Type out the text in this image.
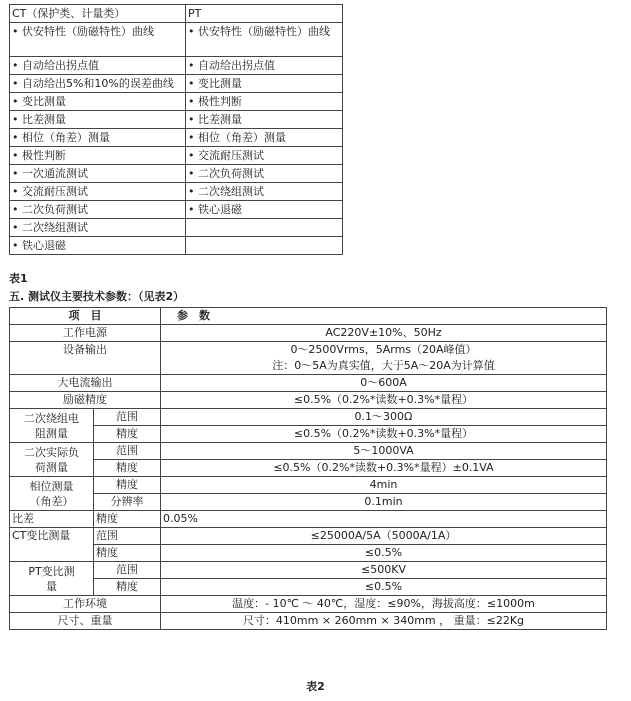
CT（保护类、计量类）	PT
• 伏安特性（励磁特性）曲线	• 伏安特性（励磁特性）曲线
• 自动给出拐点值	• 自动给出拐点值
• 自动给出5%和10%的误差曲线	• 变比测量
• 变比测量	• 极性判断
• 比差测量	• 比差测量
• 相位（角差）测量	• 相位（角差）测量
• 极性判断	• 交流耐压测试
• 一次通流测试	• 二次负荷测试
• 交流耐压测试	• 二次绕组测试
• 二次负荷测试	• 铁心退磁
• 二次绕组测试	
• 铁心退磁	
表1
五. 测试仪主要技术参数：（见表2）
项　目		参　数
工作电源		AC220V±10%、50Hz
设备输出		0～2500Vrms，5Arms（20A峰值）
注：0～5A为真实值，大于5A～20A为计算值

大电流输出		0～600A
励磁精度		≤0.5%（0.2%*读数+0.3%*量程）
二次绕组电阻测量	范围	0.1～300Ω
	精度	≤0.5%（0.2%*读数+0.3%*量程）
二次实际负荷测量	范围	5～1000VA
	精度	≤0.5%（0.2%*读数+0.3%*量程）±0.1VA
相位测量（角差）	精度	4min
	分辨率	0.1min
比差	精度	0.05%
CT变比测量	范围	≤25000A/5A（5000A/1A）
	精度	≤0.5%
PT变比测量	范围	≤500KV
	精度	≤0.5%
工作环境		温度：- 10℃ ～ 40℃，湿度：≤90%，海拔高度：≤1000m
尺寸、重量		尺寸：410mm × 260mm × 340mm ， 重量：≤22Kg
表2
